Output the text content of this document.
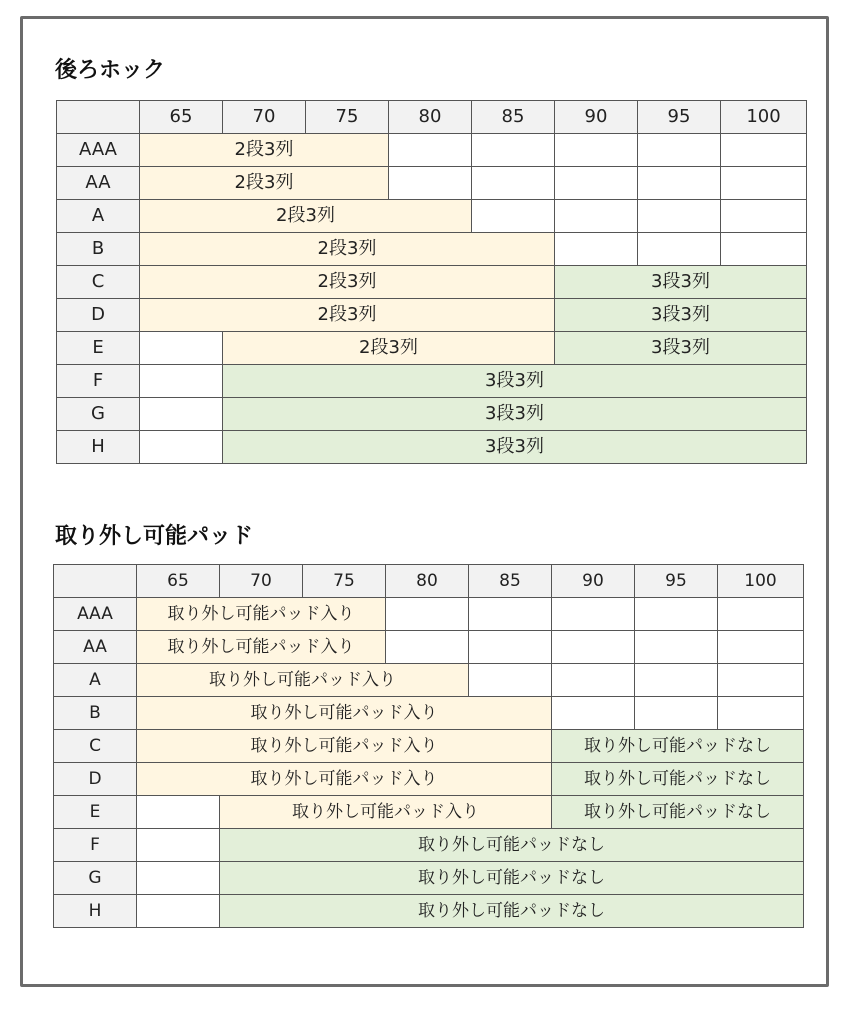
後ろホック
	65	70	75	80	85	90	95	100
AAA	2段3列							
AA	2段3列							
A	2段3列							
B	2段3列							
C	2段3列					3段3列		
D	2段3列					3段3列		
E		2段3列				3段3列		
F		3段3列						
G		3段3列						
H		3段3列						
取り外し可能パッド
	65	70	75	80	85	90	95	100
AAA	取り外し可能パッド入り							
AA	取り外し可能パッド入り							
A	取り外し可能パッド入り							
B	取り外し可能パッド入り							
C	取り外し可能パッド入り					取り外し可能パッドなし		
D	取り外し可能パッド入り					取り外し可能パッドなし		
E		取り外し可能パッド入り				取り外し可能パッドなし		
F		取り外し可能パッドなし						
G		取り外し可能パッドなし						
H		取り外し可能パッドなし						
